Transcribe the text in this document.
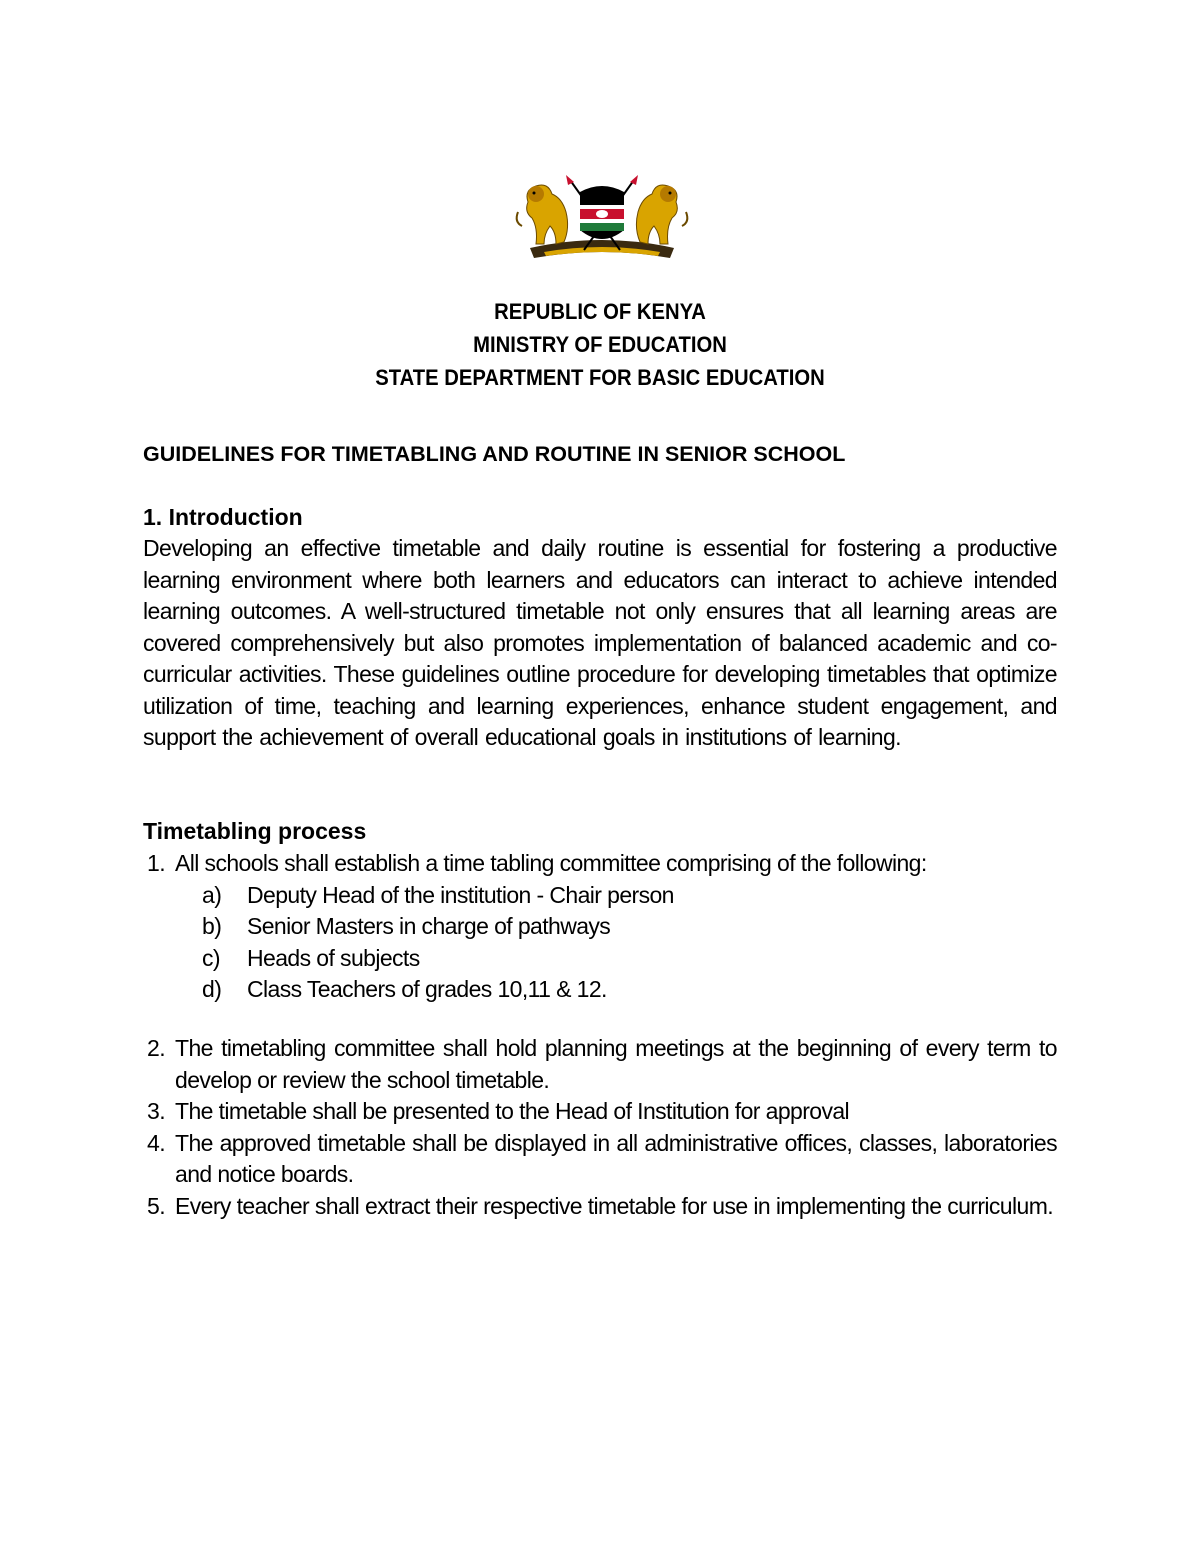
REPUBLIC OF KENYA
MINISTRY OF EDUCATION
STATE DEPARTMENT FOR BASIC EDUCATION
GUIDELINES FOR TIMETABLING AND ROUTINE IN SENIOR SCHOOL
1. Introduction
Developing an effective timetable and daily routine is essential for fostering a productive learning environment where both learners and educators can interact to achieve intended learning outcomes. A well-structured timetable not only ensures that all learning areas are covered comprehensively but also promotes implementation of balanced academic and co-curricular activities. These guidelines outline procedure for developing timetables that optimize utilization of time, teaching and learning experiences, enhance student engagement, and support the achievement of overall educational goals in institutions of learning.
Timetabling process
1. All schools shall establish a time tabling committee comprising of the following:
a) Deputy Head of the institution - Chair person
b) Senior Masters in charge of pathways
c) Heads of subjects
d) Class Teachers of grades 10,11 & 12.
2. The timetabling committee shall hold planning meetings at the beginning of every term to develop or review the school timetable.
3. The timetable shall be presented to the Head of Institution for approval
4. The approved timetable shall be displayed in all administrative offices, classes, laboratories and notice boards.
5. Every teacher shall extract their respective timetable for use in implementing the curriculum.
